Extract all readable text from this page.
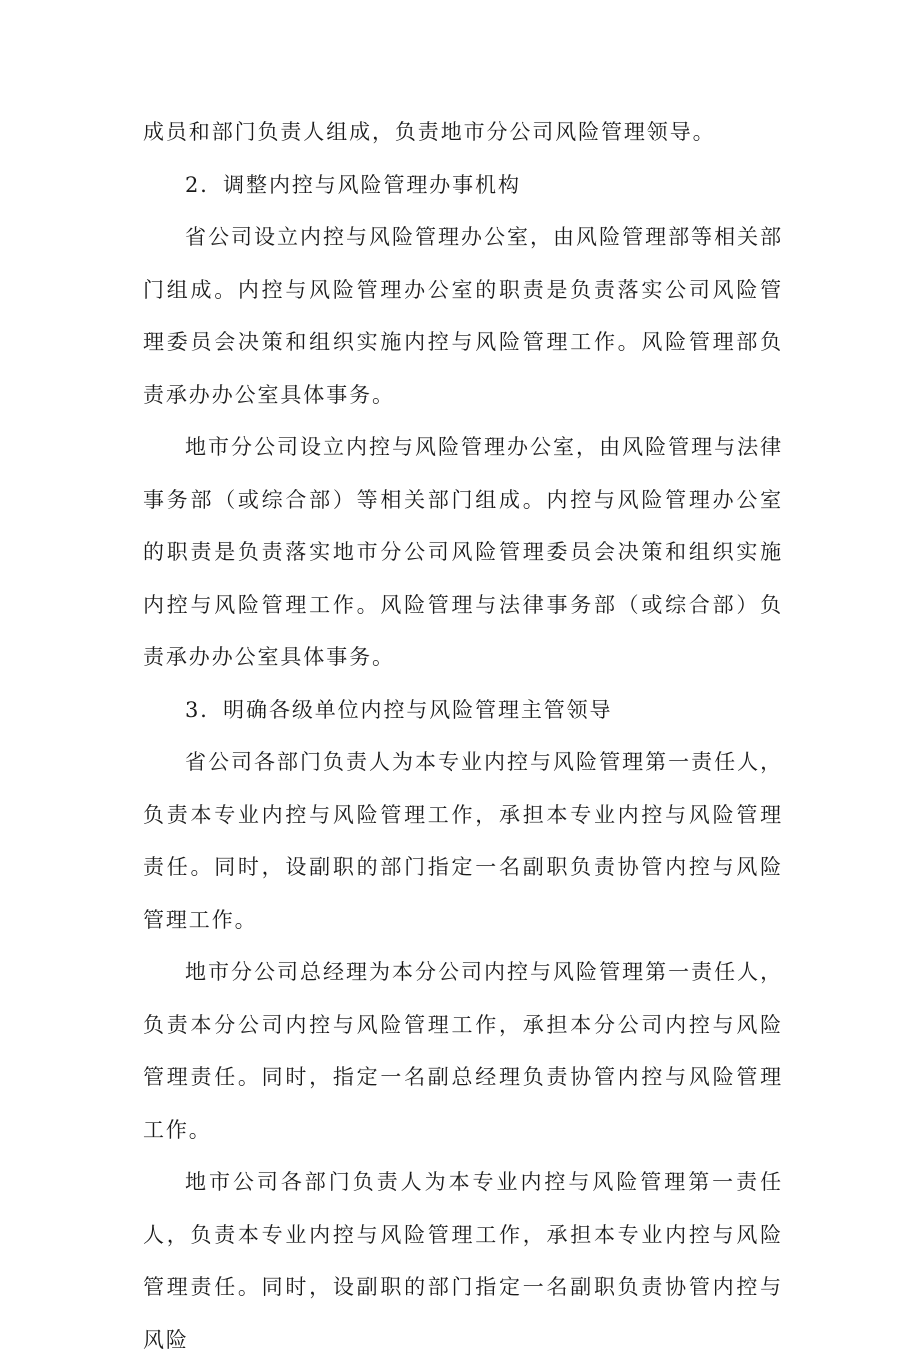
成员和部门负责人组成，负责地市分公司风险管理领导。

2．调整内控与风险管理办事机构

省公司设立内控与风险管理办公室，由风险管理部等相关部门组成。内控与风险管理办公室的职责是负责落实公司风险管理委员会决策和组织实施内控与风险管理工作。风险管理部负责承办办公室具体事务。

地市分公司设立内控与风险管理办公室，由风险管理与法律事务部（或综合部）等相关部门组成。内控与风险管理办公室的职责是负责落实地市分公司风险管理委员会决策和组织实施内控与风险管理工作。风险管理与法律事务部（或综合部）负责承办办公室具体事务。

3．明确各级单位内控与风险管理主管领导

省公司各部门负责人为本专业内控与风险管理第一责任人，负责本专业内控与风险管理工作，承担本专业内控与风险管理责任。同时，设副职的部门指定一名副职负责协管内控与风险管理工作。

地市分公司总经理为本分公司内控与风险管理第一责任人，负责本分公司内控与风险管理工作，承担本分公司内控与风险管理责任。同时，指定一名副总经理负责协管内控与风险管理工作。

地市公司各部门负责人为本专业内控与风险管理第一责任人，负责本专业内控与风险管理工作，承担本专业内控与风险管理责任。同时，设副职的部门指定一名副职负责协管内控与风险
